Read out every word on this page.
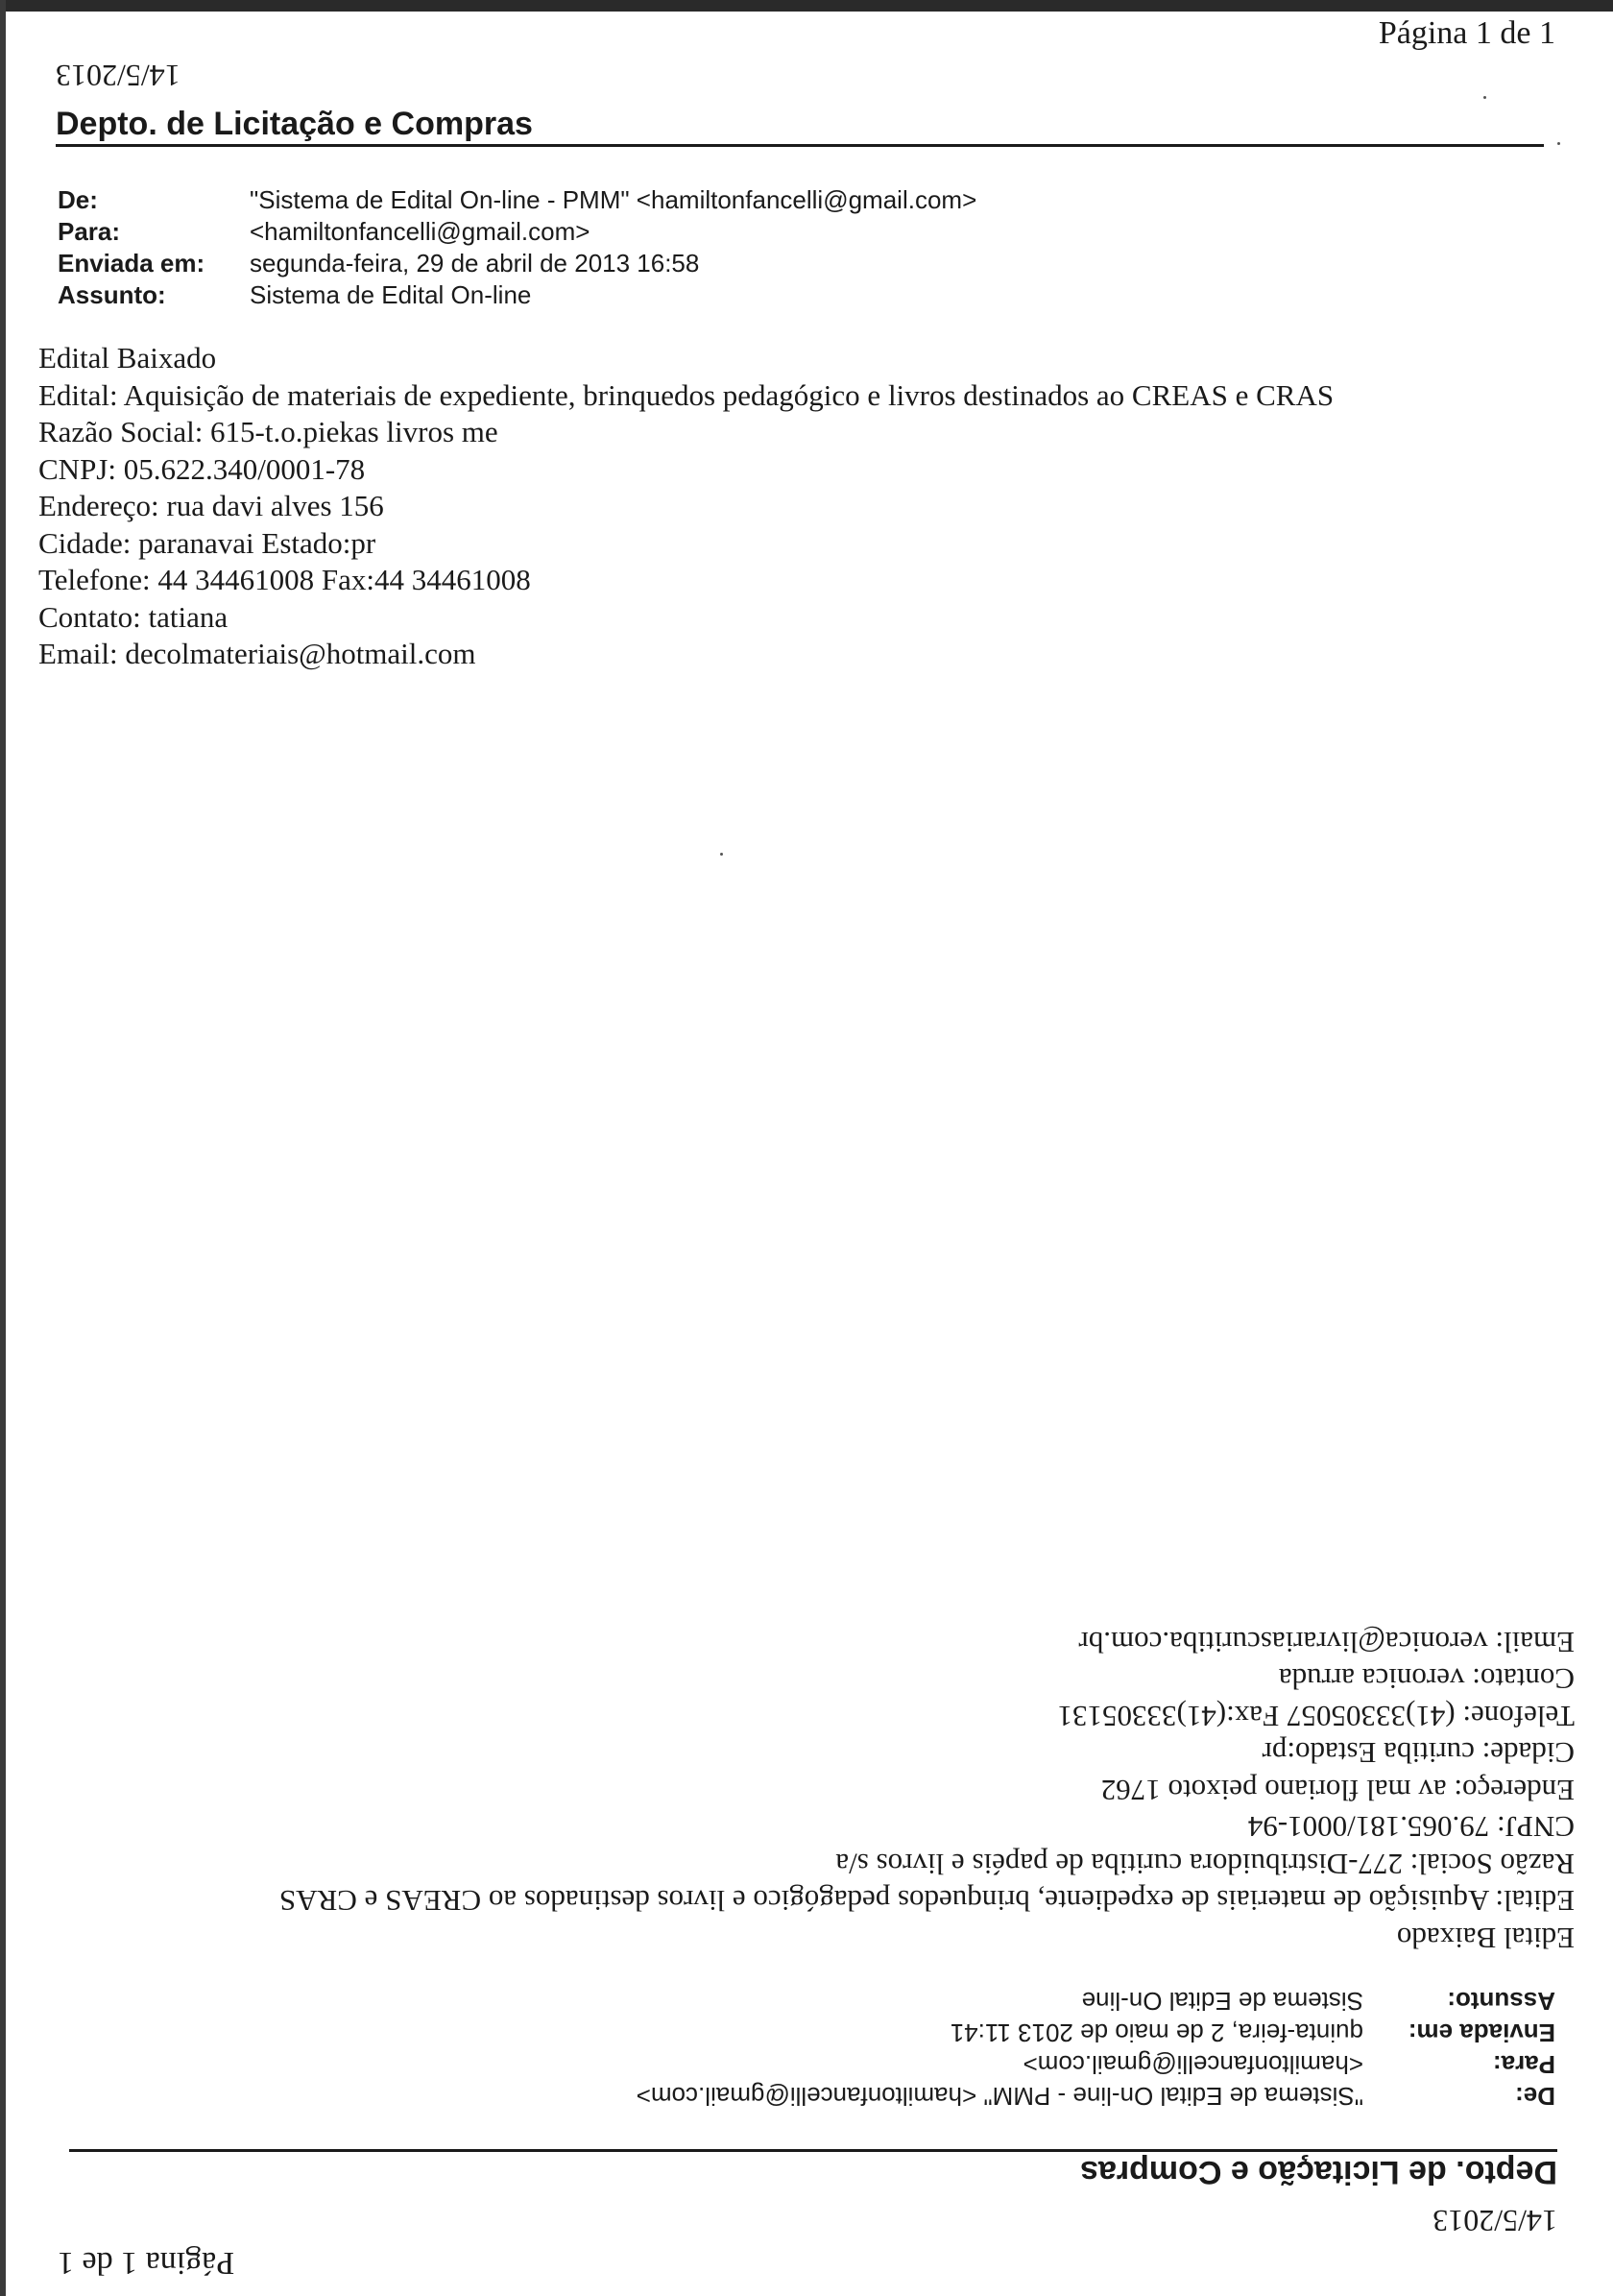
Página 1 de 1
14/5/2013
Depto. de Licitação e Compras
De:	"Sistema de Edital On-line - PMM" <hamiltonfancelli@gmail.com>
Para:	<hamiltonfancelli@gmail.com>
Enviada em:	segunda-feira, 29 de abril de 2013 16:58
Assunto:	Sistema de Edital On-line
Edital Baixado
Edital: Aquisição de materiais de expediente, brinquedos pedagógico e livros destinados ao CREAS e CRAS
Razão Social: 615-t.o.piekas livros me
CNPJ: 05.622.340/0001-78
Endereço: rua davi alves 156
Cidade: paranavai Estado:pr
Telefone: 44 34461008 Fax:44 34461008
Contato: tatiana
Email: decolmateriais@hotmail.com
Página 1 de 1
14/5/2013
Depto. de Licitação e Compras
De:
"Sistema de Edital On-line - PMM" <hamiltonfancelli@gmail.com>
Para:
<hamiltonfancelli@gmail.com>
Enviada em:
quinta-feira, 2 de maio de 2013 11:41
Assunto:
Sistema de Edital On-line
Edital Baixado
Edital: Aquisição de materiais de expediente, brinquedos pedagógico e livros destinados ao CREAS e CRAS
Razão Social: 277-Distribuidora curitiba de papéis e livros s/a
CNPJ: 79.065.181/0001-94
Endereço: av mal floriano peixoto 1762
Cidade: curitiba Estado:pr
Telefone: (41)33305057 Fax:(41)33305131
Contato: veronica arruda
Email: veronica@livrariascuritiba.com.br
